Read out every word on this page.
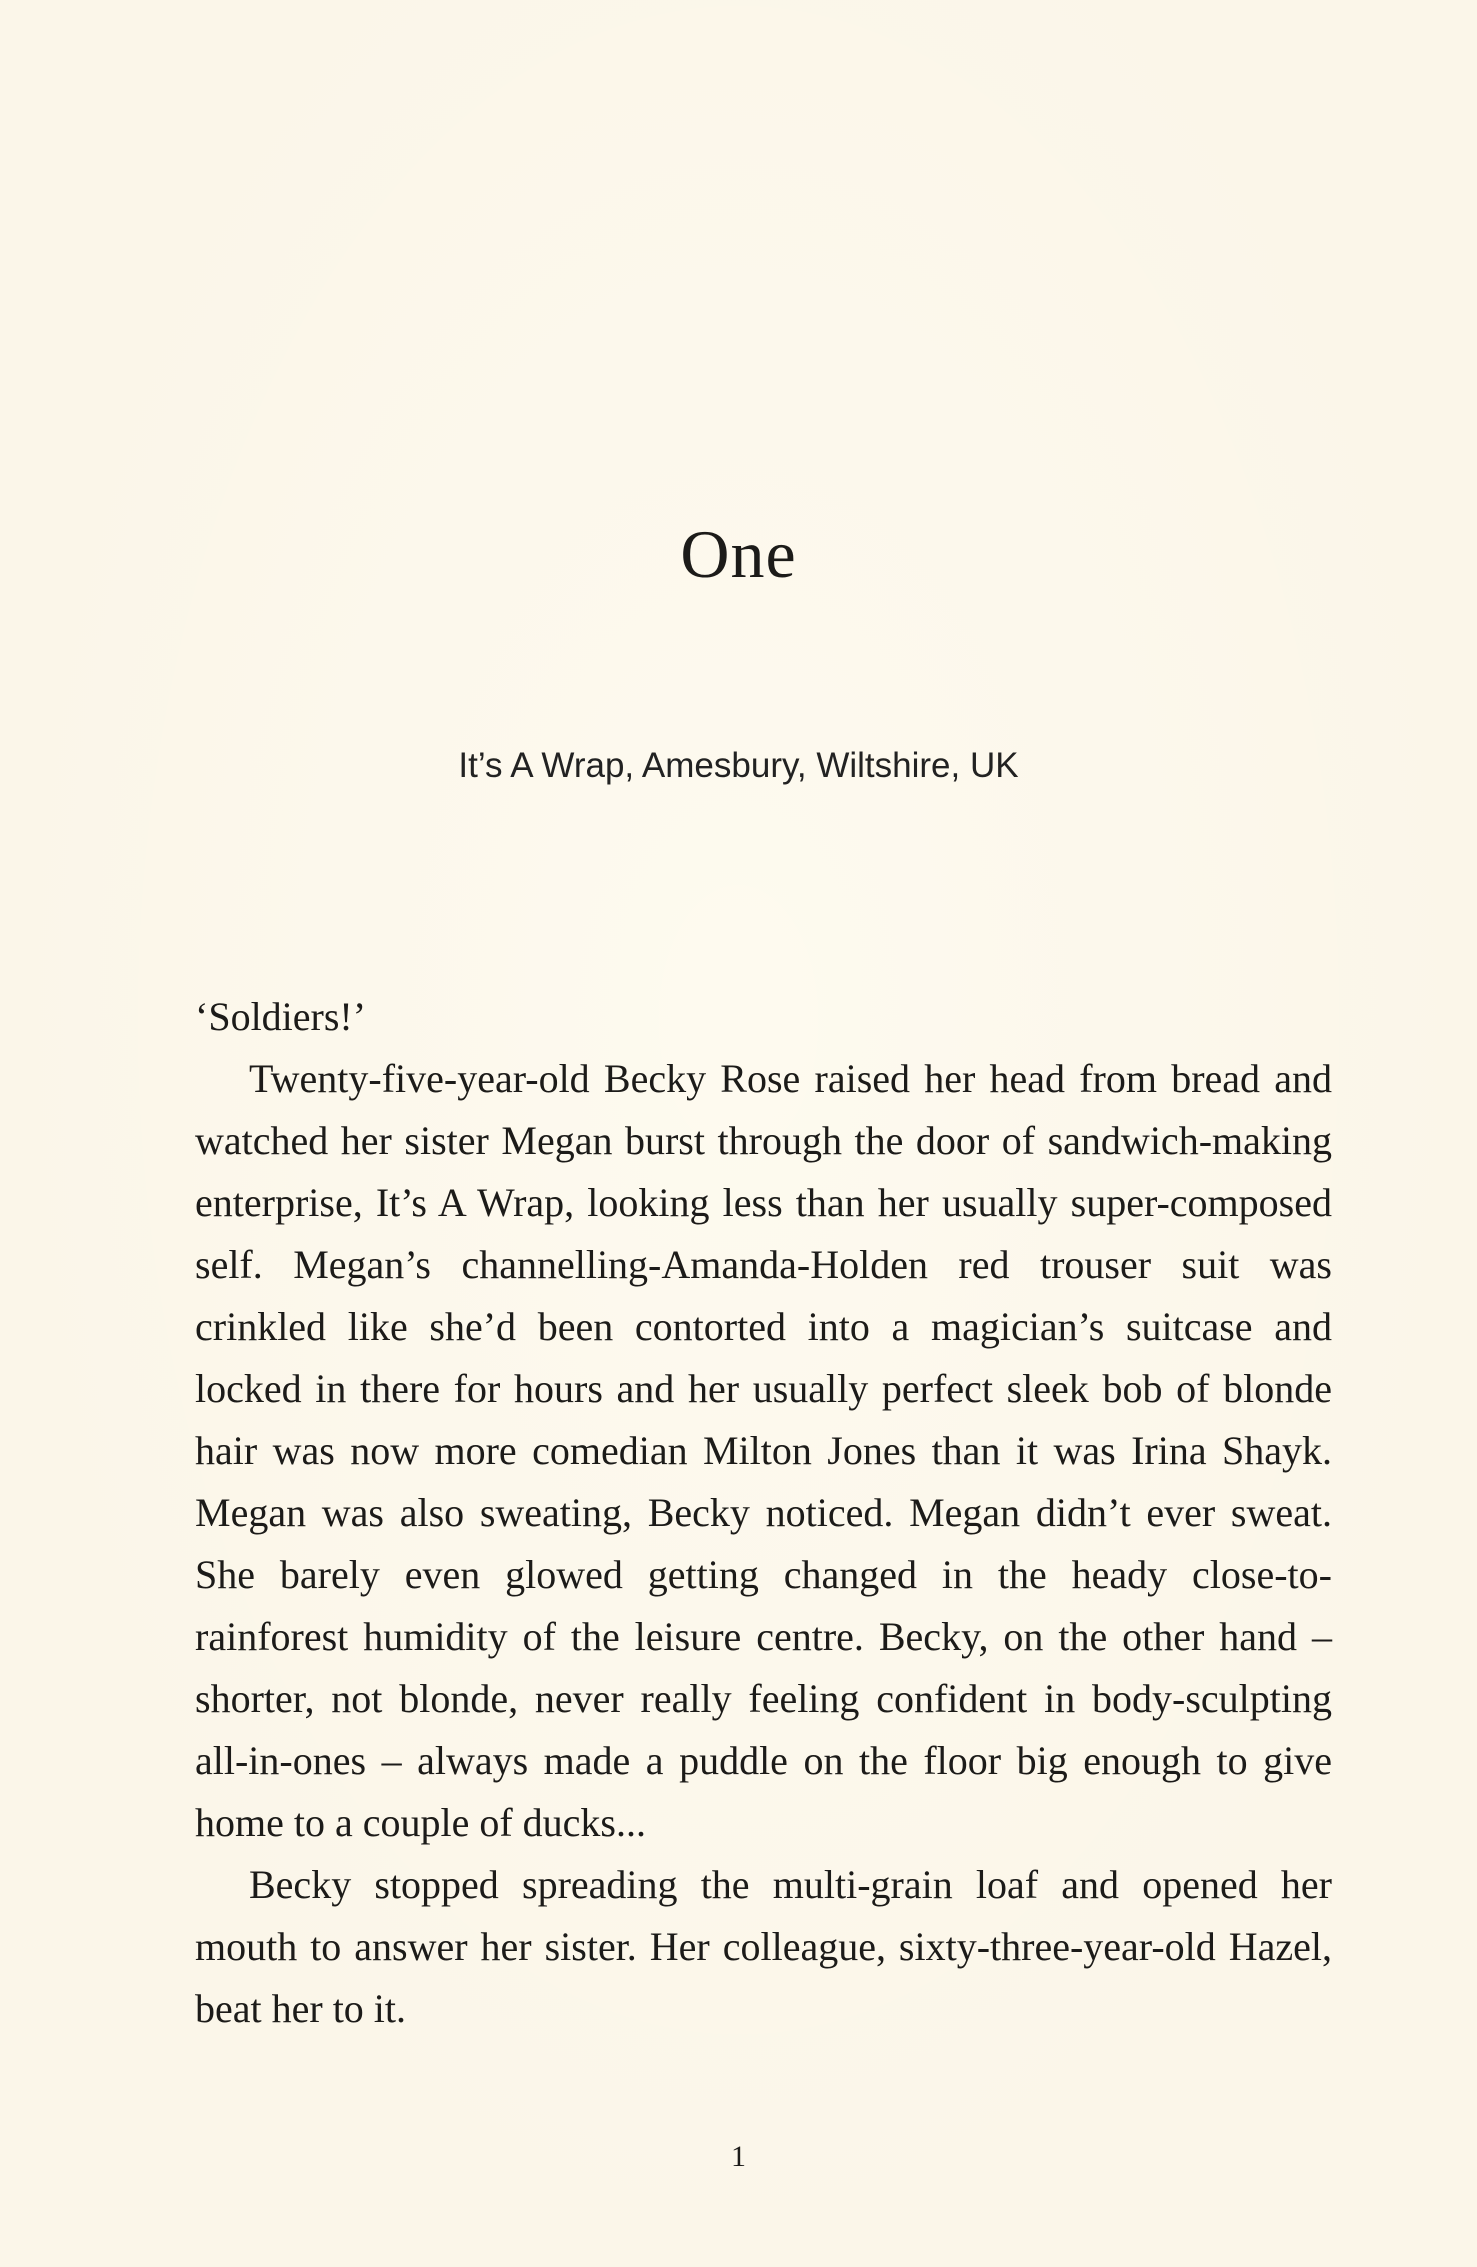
One

It’s A Wrap, Amesbury, Wiltshire, UK

‘Soldiers!’

Twenty-five-year-old Becky Rose raised her head from bread and watched her sister Megan burst through the door of sandwich-making enterprise, It’s A Wrap, looking less than her usually super-composed self. Megan’s channelling-Amanda-Holden red trouser suit was crinkled like she’d been contorted into a magician’s suitcase and locked in there for hours and her usually perfect sleek bob of blonde hair was now more comedian Milton Jones than it was Irina Shayk. Megan was also sweating, Becky noticed. Megan didn’t ever sweat. She barely even glowed getting changed in the heady close-to-rainforest humidity of the leisure centre. Becky, on the other hand – shorter, not blonde, never really feeling confident in body-sculpting all-in-ones – always made a puddle on the floor big enough to give home to a couple of ducks...

Becky stopped spreading the multi-grain loaf and opened her mouth to answer her sister. Her colleague, sixty-three-year-old Hazel, beat her to it.

1
